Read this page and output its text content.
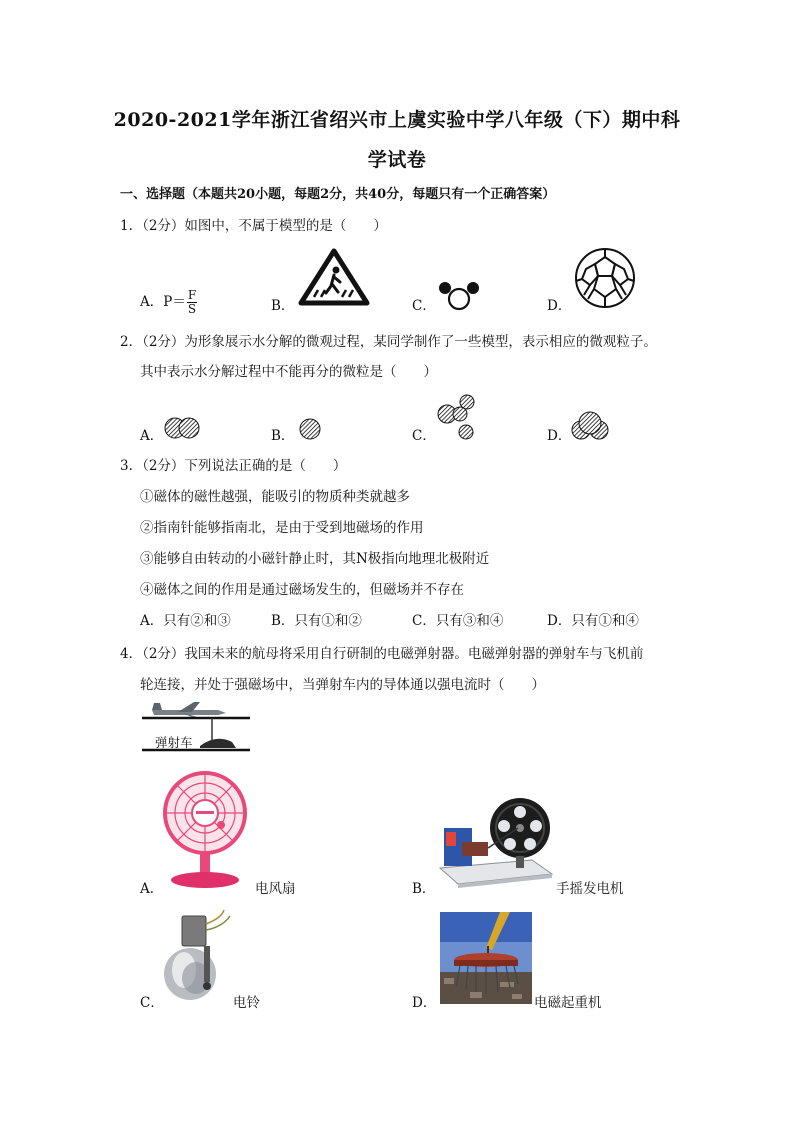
2020-2021学年浙江省绍兴市上虞实验中学八年级（下）期中科
学试卷
一、选择题（本题共20小题，每题2分，共40分，每题只有一个正确答案）
1．（2分）如图中，不属于模型的是（　　）
A．$P= \frac{F}{S}$	B．	C．	D．
2．（2分）为形象展示水分解的微观过程，某同学制作了一些模型，表示相应的微观粒子。
其中表示水分解过程中不能再分的微粒是（　　）
A．	B．	C．	D．
3．（2分）下列说法正确的是（　　）
①磁体的磁性越强，能吸引的物质种类就越多
②指南针能够指南北，是由于受到地磁场的作用
③能够自由转动的小磁针静止时，其N极指向地理北极附近
④磁体之间的作用是通过磁场发生的，但磁场并不存在
A．只有②和③	B．只有①和②	C．只有③和④	D．只有①和④
4．（2分）我国未来的航母将采用自行研制的电磁弹射器。电磁弹射器的弹射车与飞机前
轮连接，并处于强磁场中，当弹射车内的导体通以强电流时（　　）
弹射车
A．	电风扇	B．	手摇发电机
C．	电铃	D．	电磁起重机
